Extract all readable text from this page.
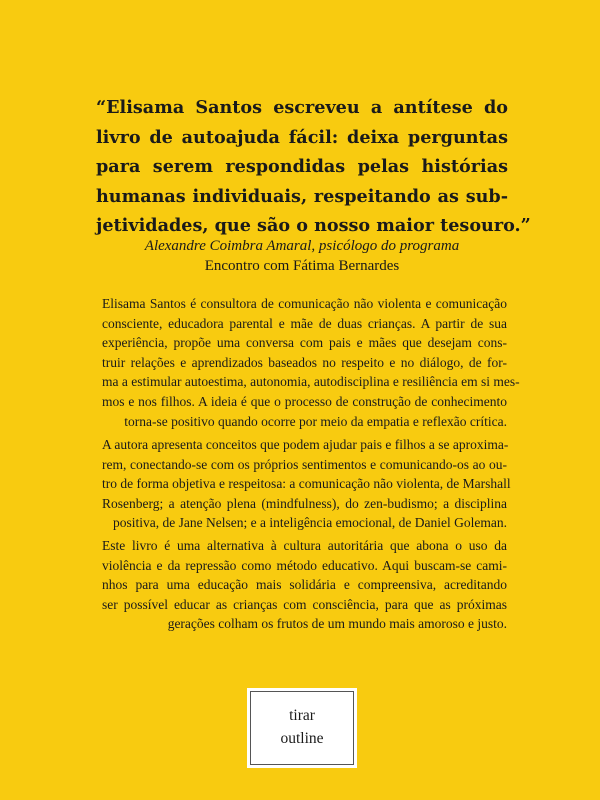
“Elisama Santos escreveu a antítese do
livro de autoajuda fácil: deixa perguntas
para serem respondidas pelas histórias
humanas individuais, respeitando as sub-
jetividades, que são o nosso maior tesouro.”

Alexandre Coimbra Amaral, psicólogo do programa
Encontro com Fátima Bernardes

Elisama Santos é consultora de comunicação não violenta e comunicação
consciente, educadora parental e mãe de duas crianças. A partir de sua
experiência, propõe uma conversa com pais e mães que desejam cons-
truir relações e aprendizados baseados no respeito e no diálogo, de for-
ma a estimular autoestima, autonomia, autodisciplina e resiliência em si mes-
mos e nos filhos. A ideia é que o processo de construção de conhecimento
torna-se positivo quando ocorre por meio da empatia e reflexão crítica.

A autora apresenta conceitos que podem ajudar pais e filhos a se aproxima-
rem, conectando-se com os próprios sentimentos e comunicando-os ao ou-
tro de forma objetiva e respeitosa: a comunicação não violenta, de Marshall
Rosenberg; a atenção plena (mindfulness), do zen-budismo; a disciplina
positiva, de Jane Nelsen; e a inteligência emocional, de Daniel Goleman.

Este livro é uma alternativa à cultura autoritária que abona o uso da
violência e da repressão como método educativo. Aqui buscam-se cami-
nhos para uma educação mais solidária e compreensiva, acreditando
ser possível educar as crianças com consciência, para que as próximas
gerações colham os frutos de um mundo mais amoroso e justo.

tirar
outline
